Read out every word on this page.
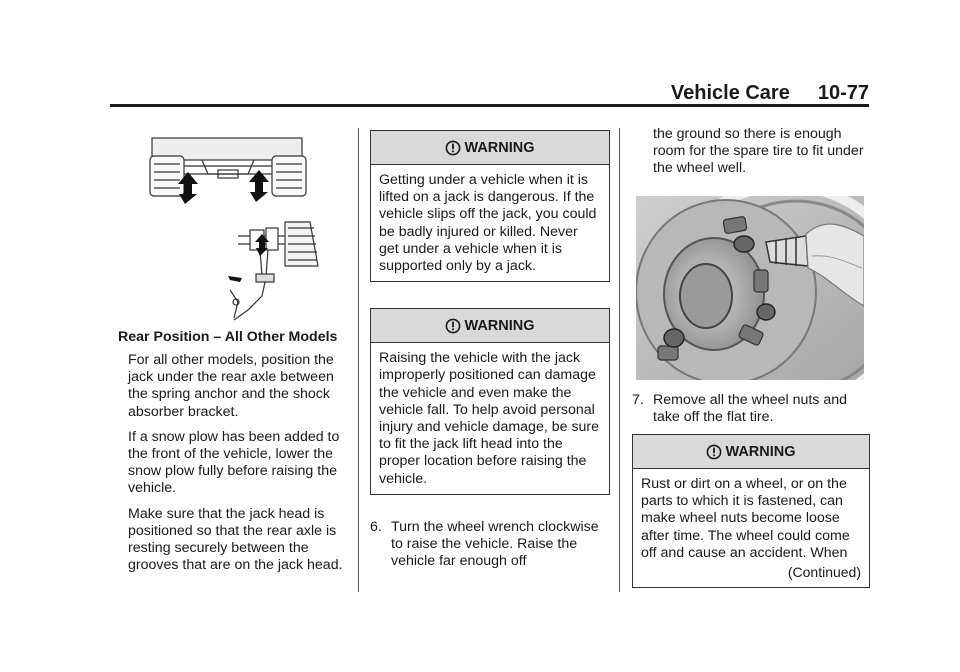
Vehicle Care 10-77
Rear Position – All Other Models
For all other models, position the jack under the rear axle between the spring anchor and the shock absorber bracket.
If a snow plow has been added to the front of the vehicle, lower the snow plow fully before raising the vehicle.
Make sure that the jack head is positioned so that the rear axle is resting securely between the grooves that are on the jack head.
WARNING
Getting under a vehicle when it is lifted on a jack is dangerous. If the vehicle slips off the jack, you could be badly injured or killed. Never get under a vehicle when it is supported only by a jack.
WARNING
Raising the vehicle with the jack improperly positioned can damage the vehicle and even make the vehicle fall. To help avoid personal injury and vehicle damage, be sure to fit the jack lift head into the proper location before raising the vehicle.
6. Turn the wheel wrench clockwise to raise the vehicle. Raise the vehicle far enough off
the ground so there is enough room for the spare tire to fit under the wheel well.
7. Remove all the wheel nuts and take off the flat tire.
WARNING
Rust or dirt on a wheel, or on the parts to which it is fastened, can make wheel nuts become loose after time. The wheel could come off and cause an accident. When
(Continued)
